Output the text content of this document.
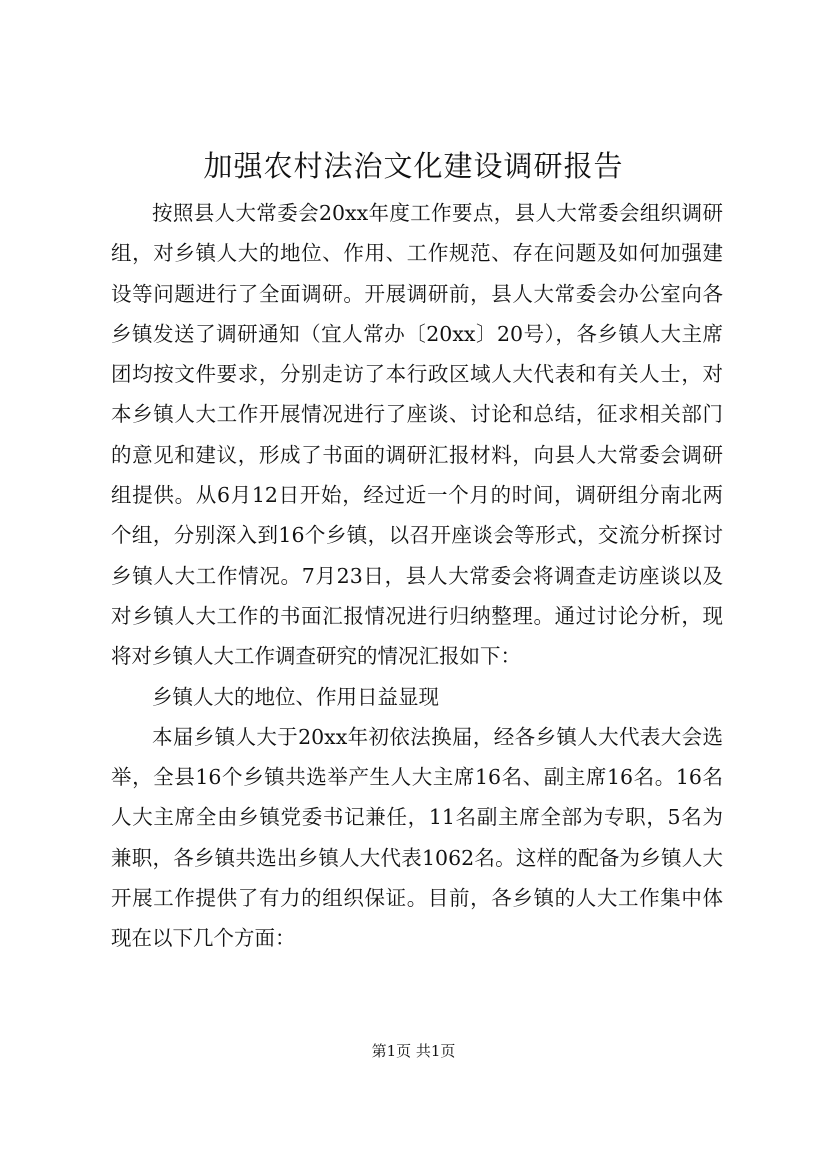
加强农村法治文化建设调研报告

按照县人大常委会20xx年度工作要点，县人大常委会组织调研组，对乡镇人大的地位、作用、工作规范、存在问题及如何加强建设等问题进行了全面调研。开展调研前，县人大常委会办公室向各乡镇发送了调研通知（宜人常办〔20xx〕20号），各乡镇人大主席团均按文件要求，分别走访了本行政区域人大代表和有关人士，对本乡镇人大工作开展情况进行了座谈、讨论和总结，征求相关部门的意见和建议，形成了书面的调研汇报材料，向县人大常委会调研组提供。从6月12日开始，经过近一个月的时间，调研组分南北两个组，分别深入到16个乡镇，以召开座谈会等形式，交流分析探讨乡镇人大工作情况。7月23日，县人大常委会将调查走访座谈以及对乡镇人大工作的书面汇报情况进行归纳整理。通过讨论分析，现将对乡镇人大工作调查研究的情况汇报如下：

乡镇人大的地位、作用日益显现

本届乡镇人大于20xx年初依法换届，经各乡镇人大代表大会选举，全县16个乡镇共选举产生人大主席16名、副主席16名。16名人大主席全由乡镇党委书记兼任，11名副主席全部为专职，5名为兼职，各乡镇共选出乡镇人大代表1062名。这样的配备为乡镇人大开展工作提供了有力的组织保证。目前，各乡镇的人大工作集中体现在以下几个方面：

第1页 共1页
